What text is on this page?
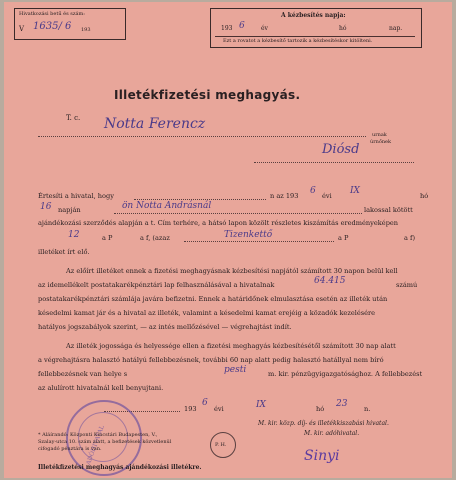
Hivatkozási betű és szám:
V 1635/ 6 193
A kézbesítés napja:
193 6	év	hó	nap.
Ezt a rovatot a kézbesítő tartozik a kézbesítéskor kitölteni.
Illetékfizetési meghagyás.
T. c. Notta Ferencz
urnak
úrnőnek
Diósd
Értesíti a hivatal, hogy	n az 193 6 évi IX	hó
16 napján	ön Notta Andrásnál	lakossal kötött
ajándékozási szerződés alapján a t. Cím terhére, a hátsó lapon közölt részletes kiszámítás eredményeképen
12	a P	a f, (azaz	Tizenkettő	a P	a f)
illetéket írt elő.
Az előírt illetéket ennek a fizetési meghagyásnak kézbesítési napjától számított 30 napon belül kell
az idemellékelt postatakarékpénztári lap felhasználásával a hivatalnak	64.415	számú
postatakarékpénztári számlája javára befizetni. Ennek a határidőnek elmulasztása esetén az illeték után
késedelmi kamat jár és a hivatal az illeték, valamint a késedelmi kamat erejéig a közadók kezelésére
hatályos jogszabályok szerint, — az intés mellőzésével — végrehajtást indít.
Az illeték jogossága és helyessége ellen a fizetési meghagyás kézbesítésétől számított 30 nap alatt
a végrehajtásra halasztó hatályú fellebbezésnek, további 60 nap alatt pedig halasztó hatállyal nem bíró
fellebbezésnek van helye s	pesti	m. kir. pénzügyigazgatósághoz. A fellebbezést
az alulírott hivatalnál kell benyujtani.
193
6
évi	IX	hó 23	n.
ADÓHIVATAL
* Aláírandó: Központi Kincstári Budapesten, V.,
Szalay-utca 10. szám alatt, a befizetések közvetlenül
cifogadó pénztára is van.
P. H.
M. kir. közp. díj- és illetékkiszabási hivatal.
M. kir. adóhivatal.
Sinyi
Illetékfizetési meghagyás ajándékozási illetékre.
